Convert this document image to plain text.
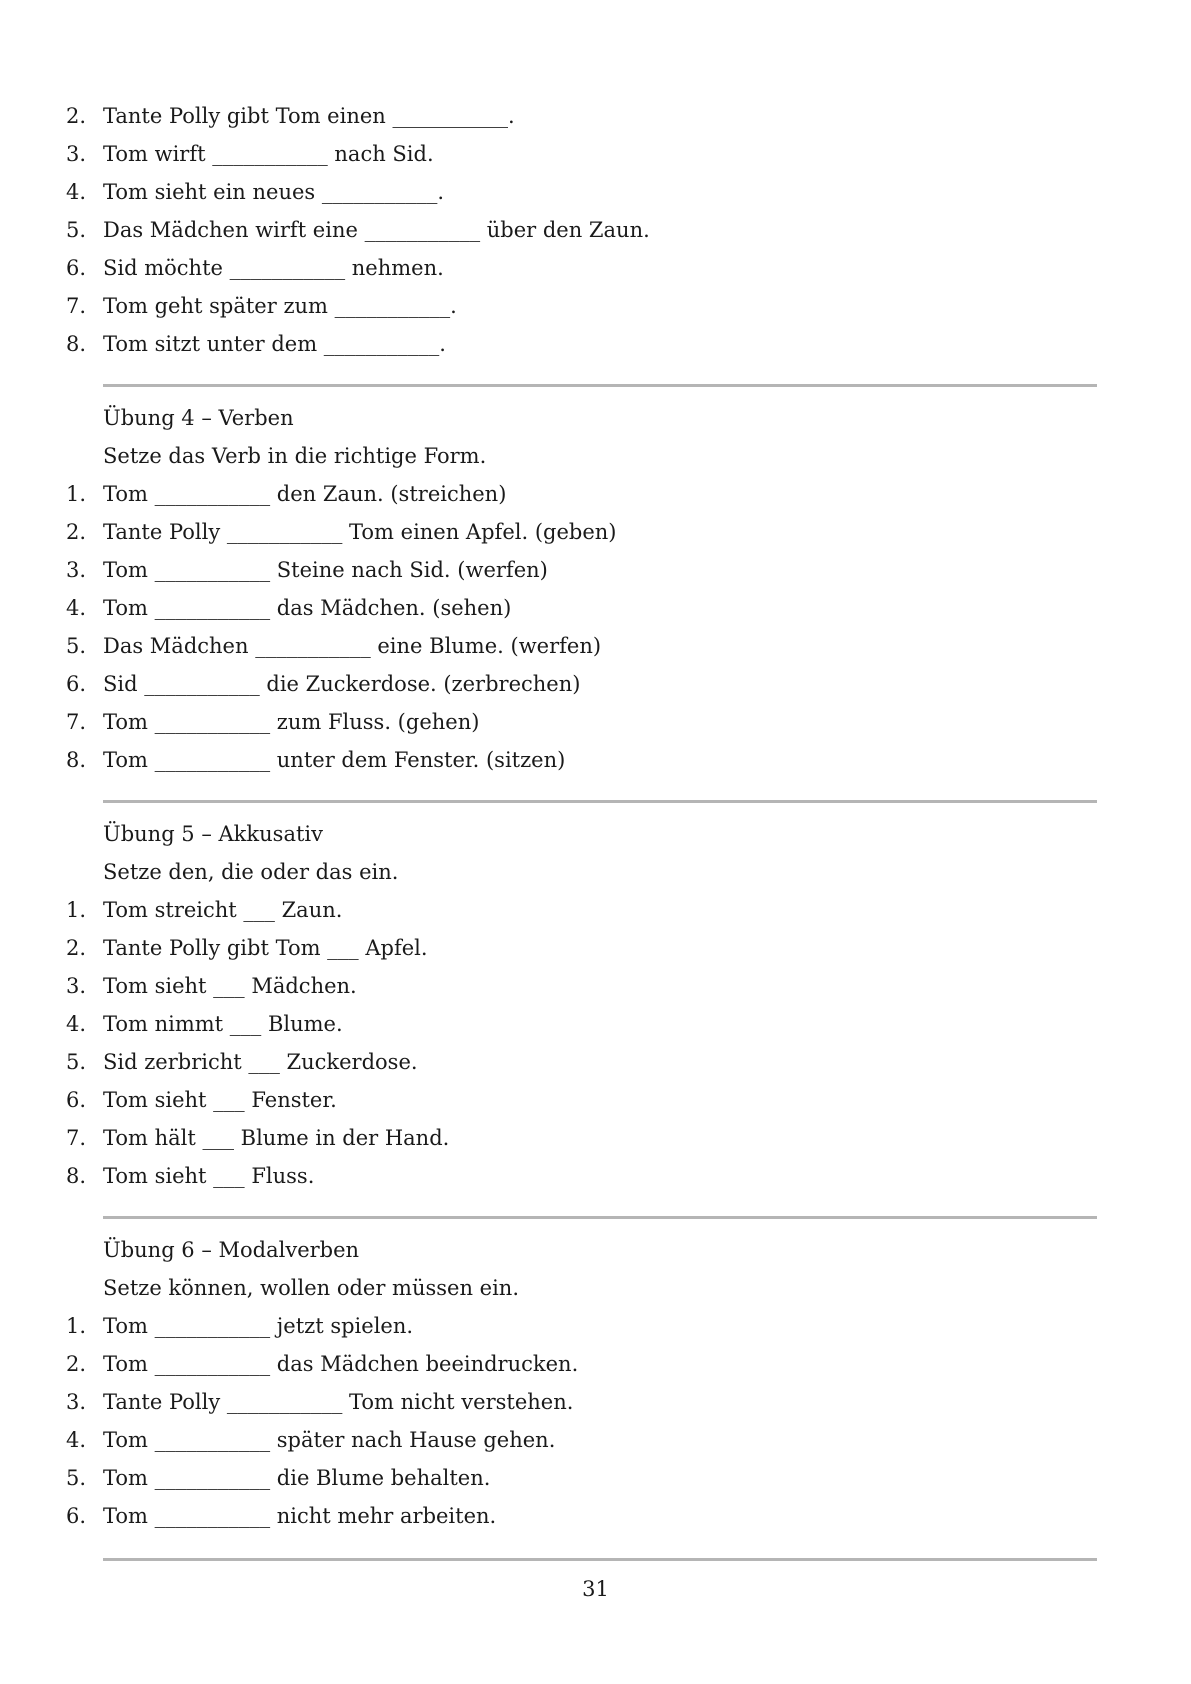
2. Tante Polly gibt Tom einen ___________.
3. Tom wirft ___________ nach Sid.
4. Tom sieht ein neues ___________.
5. Das Mädchen wirft eine ___________ über den Zaun.
6. Sid möchte ___________ nehmen.
7. Tom geht später zum ___________.
8. Tom sitzt unter dem ___________.
Übung 4 – Verben
Setze das Verb in die richtige Form.
1. Tom ___________ den Zaun. (streichen)
2. Tante Polly ___________ Tom einen Apfel. (geben)
3. Tom ___________ Steine nach Sid. (werfen)
4. Tom ___________ das Mädchen. (sehen)
5. Das Mädchen ___________ eine Blume. (werfen)
6. Sid ___________ die Zuckerdose. (zerbrechen)
7. Tom ___________ zum Fluss. (gehen)
8. Tom ___________ unter dem Fenster. (sitzen)
Übung 5 – Akkusativ
Setze den, die oder das ein.
1. Tom streicht ___ Zaun.
2. Tante Polly gibt Tom ___ Apfel.
3. Tom sieht ___ Mädchen.
4. Tom nimmt ___ Blume.
5. Sid zerbricht ___ Zuckerdose.
6. Tom sieht ___ Fenster.
7. Tom hält ___ Blume in der Hand.
8. Tom sieht ___ Fluss.
Übung 6 – Modalverben
Setze können, wollen oder müssen ein.
1. Tom ___________ jetzt spielen.
2. Tom ___________ das Mädchen beeindrucken.
3. Tante Polly ___________ Tom nicht verstehen.
4. Tom ___________ später nach Hause gehen.
5. Tom ___________ die Blume behalten.
6. Tom ___________ nicht mehr arbeiten.
31
